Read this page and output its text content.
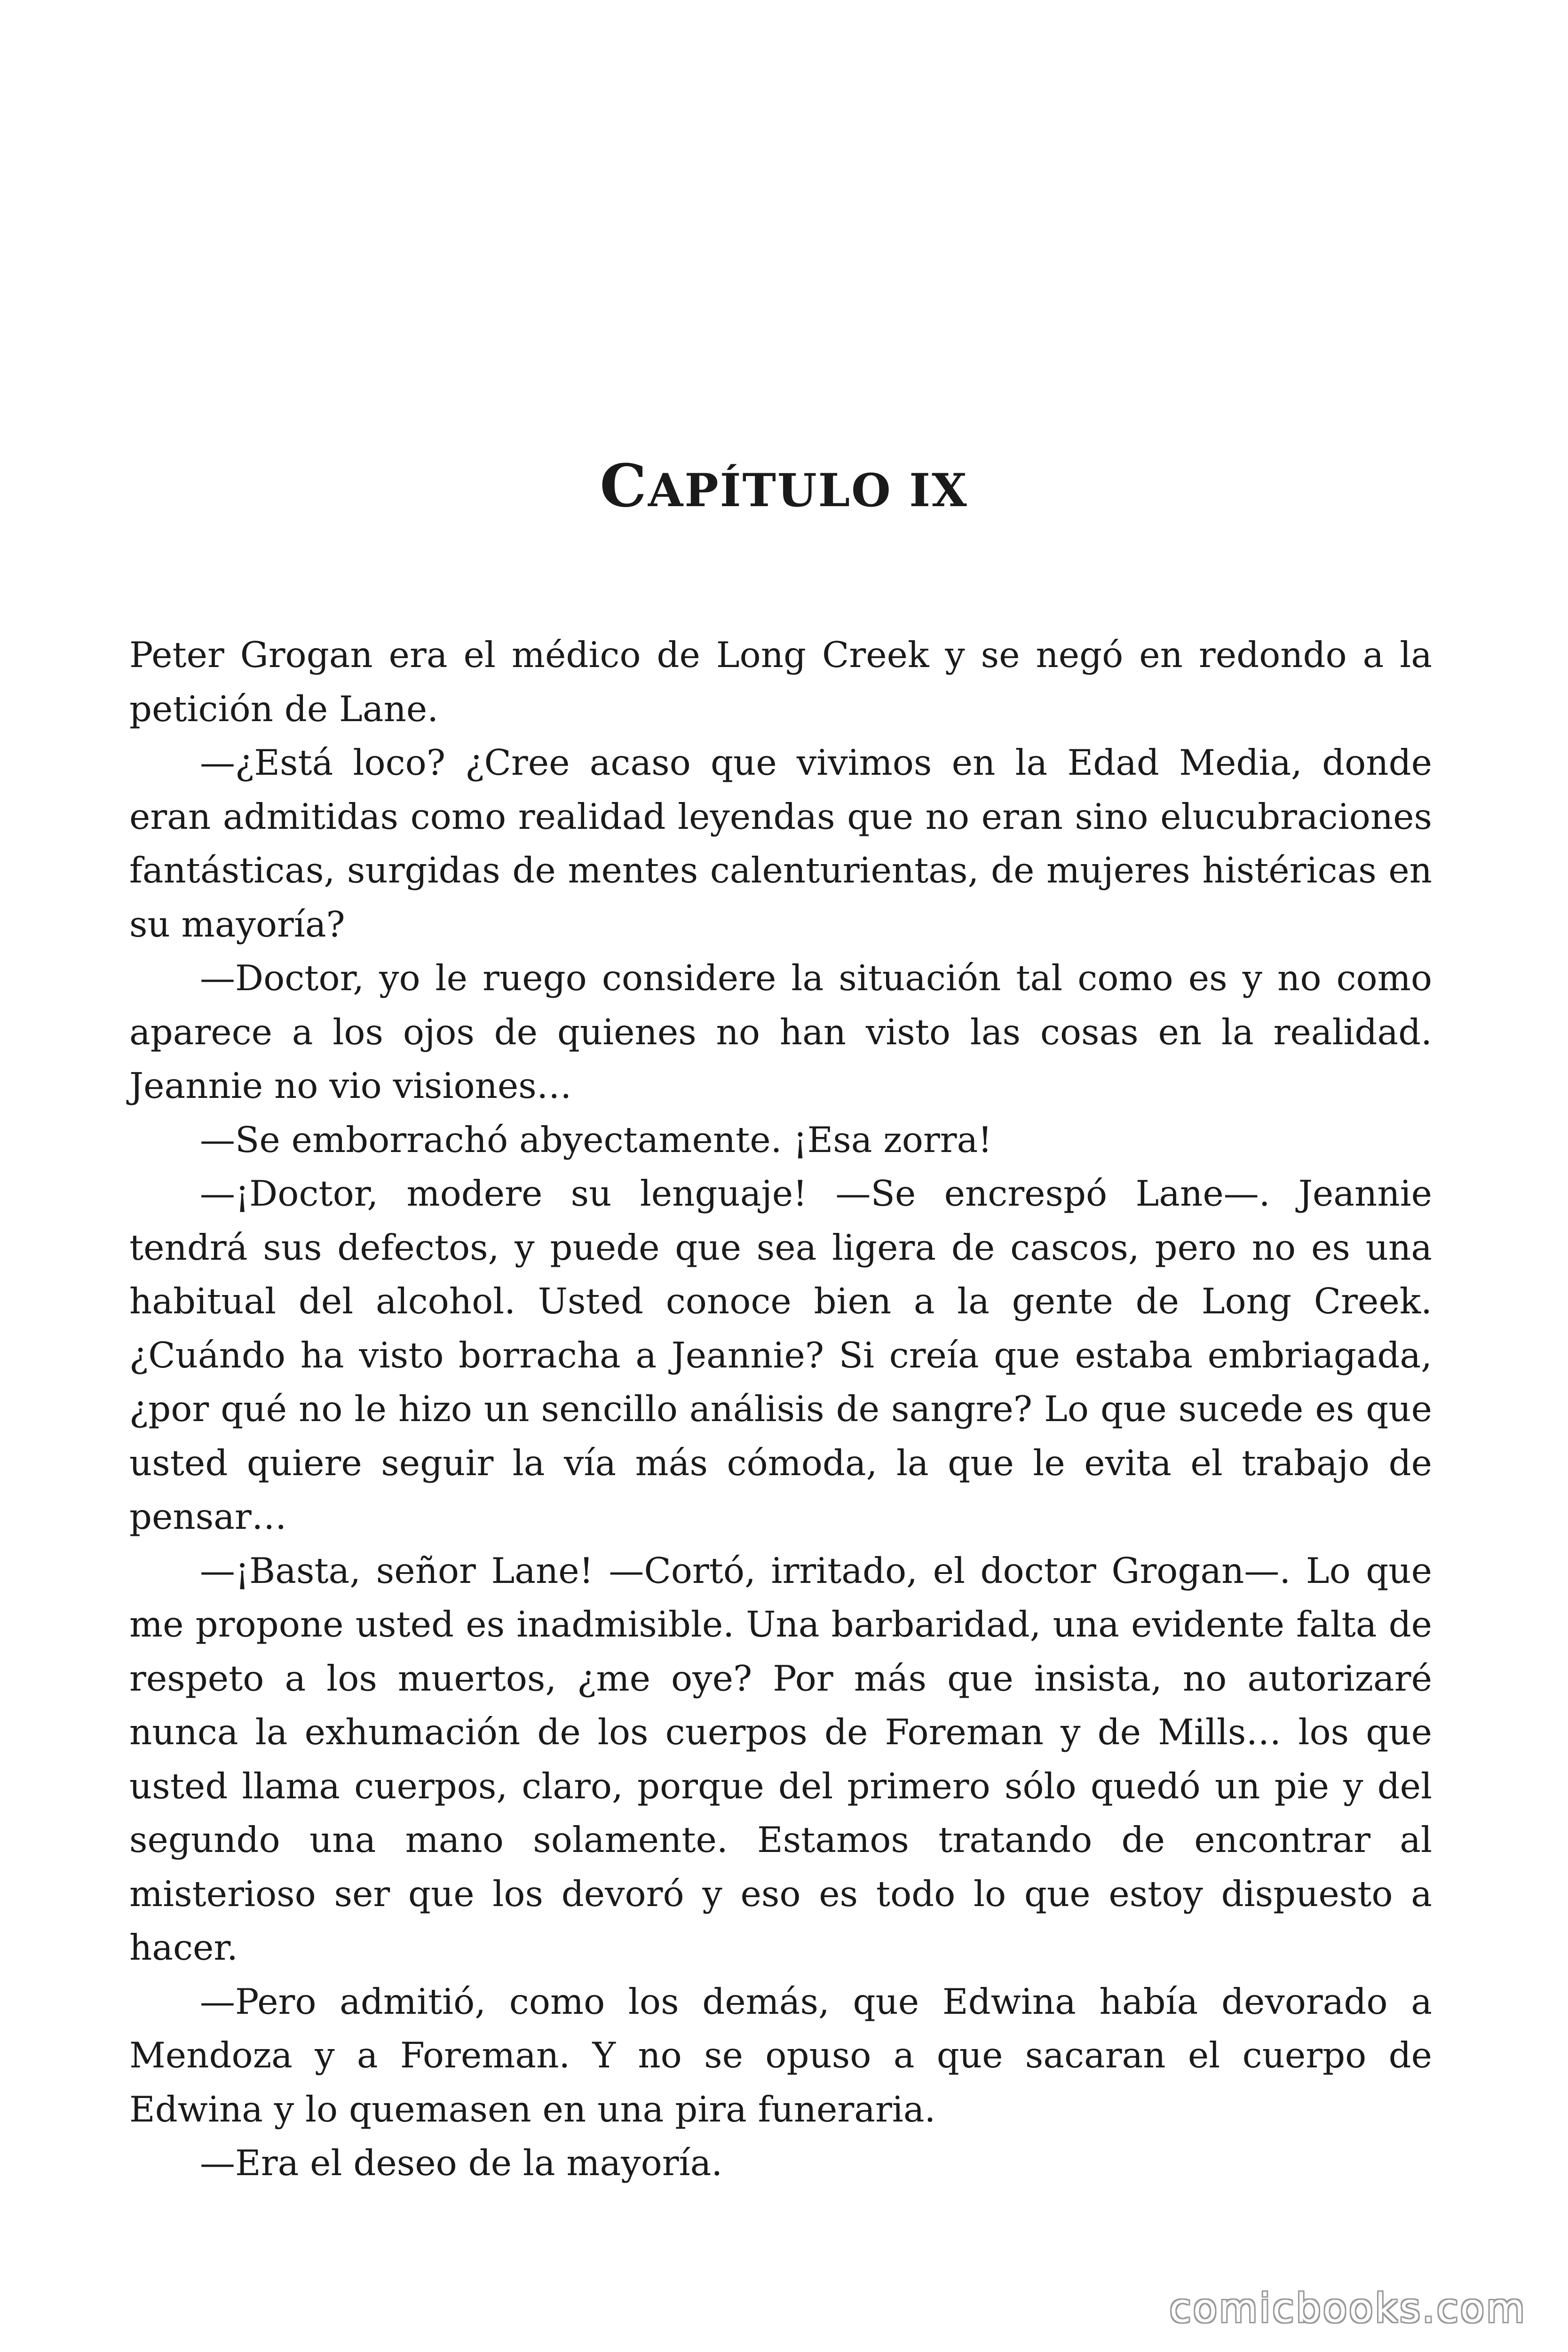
CAPÍTULO IX

Peter Grogan era el médico de Long Creek y se negó en redondo a la petición de Lane.

—¿Está loco? ¿Cree acaso que vivimos en la Edad Media, donde eran admitidas como realidad leyendas que no eran sino elucubraciones fantásticas, surgidas de mentes calenturientas, de mujeres histéricas en su mayoría?

—Doctor, yo le ruego considere la situación tal como es y no como aparece a los ojos de quienes no han visto las cosas en la realidad. Jeannie no vio visiones…

—Se emborrachó abyectamente. ¡Esa zorra!

—¡Doctor, modere su lenguaje! —Se encrespó Lane—. Jeannie tendrá sus defectos, y puede que sea ligera de cascos, pero no es una habitual del alcohol. Usted conoce bien a la gente de Long Creek. ¿Cuándo ha visto borracha a Jeannie? Si creía que estaba embriagada, ¿por qué no le hizo un sencillo análisis de sangre? Lo que sucede es que usted quiere seguir la vía más cómoda, la que le evita el trabajo de pensar…

—¡Basta, señor Lane! —Cortó, irritado, el doctor Grogan—. Lo que me propone usted es inadmisible. Una barbaridad, una evidente falta de respeto a los muertos, ¿me oye? Por más que insista, no autorizaré nunca la exhumación de los cuerpos de Foreman y de Mills… los que usted llama cuerpos, claro, porque del primero sólo quedó un pie y del segundo una mano solamente. Estamos tratando de encontrar al misterioso ser que los devoró y eso es todo lo que estoy dispuesto a hacer.

—Pero admitió, como los demás, que Edwina había devorado a Mendoza y a Foreman. Y no se opuso a que sacaran el cuerpo de Edwina y lo quemasen en una pira funeraria.

—Era el deseo de la mayoría.

comicbooks.com
